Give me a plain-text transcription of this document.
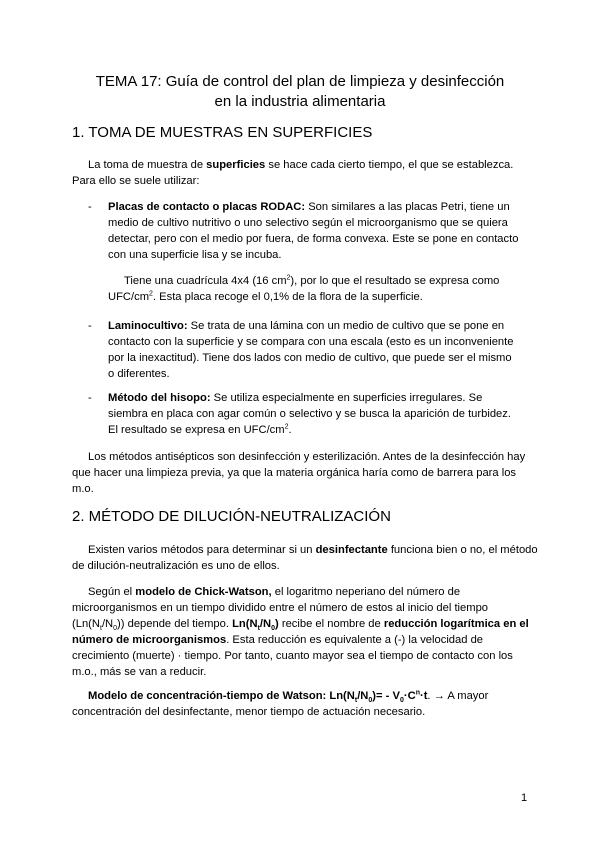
TEMA 17: Guía de control del plan de limpieza y desinfección
en la industria alimentaria
1. TOMA DE MUESTRAS EN SUPERFICIES
La toma de muestra de superficies se hace cada cierto tiempo, el que se establezca. Para ello se suele utilizar:
- Placas de contacto o placas RODAC: Son similares a las placas Petri, tiene un medio de cultivo nutritivo o uno selectivo según el microorganismo que se quiera detectar, pero con el medio por fuera, de forma convexa. Este se pone en contacto con una superficie lisa y se incuba.
Tiene una cuadrícula 4x4 (16 $cm^2$), por lo que el resultado se expresa como UFC/$cm^2$. Esta placa recoge el 0,1% de la flora de la superficie.
- Laminocultivo: Se trata de una lámina con un medio de cultivo que se pone en contacto con la superficie y se compara con una escala (esto es un inconveniente por la inexactitud). Tiene dos lados con medio de cultivo, que puede ser el mismo o diferentes.
- Método del hisopo: Se utiliza especialmente en superficies irregulares. Se siembra en placa con agar común o selectivo y se busca la aparición de turbidez. El resultado se expresa en UFC/$cm^2$.
Los métodos antisépticos son desinfección y esterilización. Antes de la desinfección hay que hacer una limpieza previa, ya que la materia orgánica haría como de barrera para los m.o.
2. MÉTODO DE DILUCIÓN-NEUTRALIZACIÓN
Existen varios métodos para determinar si un desinfectante funciona bien o no, el método de dilución-neutralización es uno de ellos.
Según el modelo de Chick-Watson, el logaritmo neperiano del número de microorganismos en un tiempo dividido entre el número de estos al inicio del tiempo $(Ln(N_t/N_0))$ depende del tiempo. $Ln(N_t/N_0)$ recibe el nombre de reducción logarítmica en el número de microorganismos. Esta reducción es equivalente a (-) la velocidad de crecimiento (muerte) · tiempo. Por tanto, cuanto mayor sea el tiempo de contacto con los m.o., más se van a reducir.
Modelo de concentración-tiempo de Watson: $Ln(N_t/N_0)= - V_0\cdot C^n\cdot t$. → A mayor concentración del desinfectante, menor tiempo de actuación necesario.
1
